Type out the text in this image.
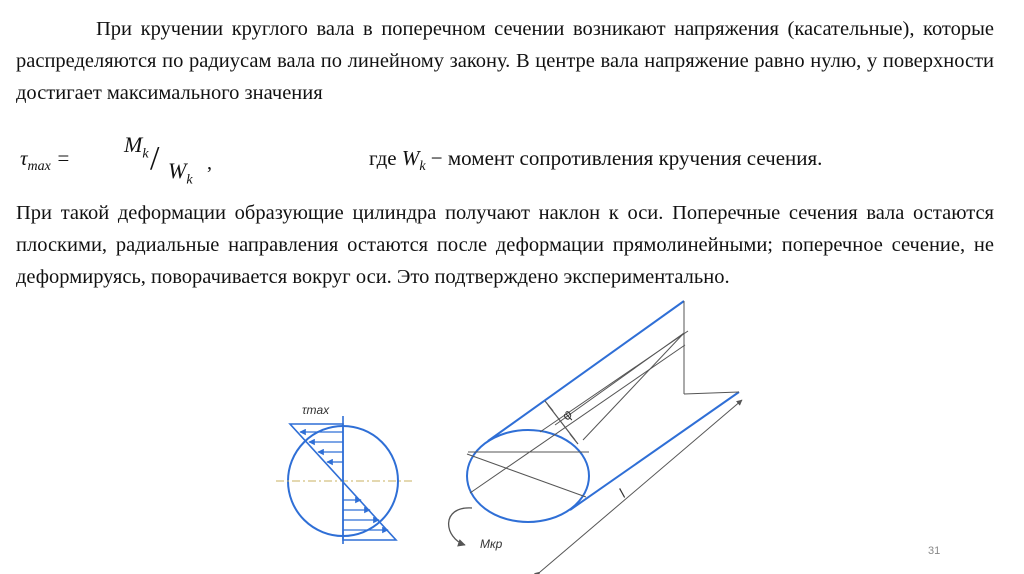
При кручении круглого вала в поперечном сечении возникают напряжения (касательные), которые распределяются по радиусам вала по линейному закону. В центре вала напряжение равно нулю, у поверхности достигает максимального значения

$\tau_{max}$ =
$M_k / W_k$
,	где $W_k$ − момент сопротивления кручения сечения.

При такой деформации образующие цилиндра получают наклон к оси. Поперечные сечения вала остаются плоскими, радиальные направления остаются после деформации прямолинейными; поперечное сечение, не деформируясь, поворачивается вокруг оси. Это подтверждено экспериментально.

τmax	φ
l
Mкр	31
